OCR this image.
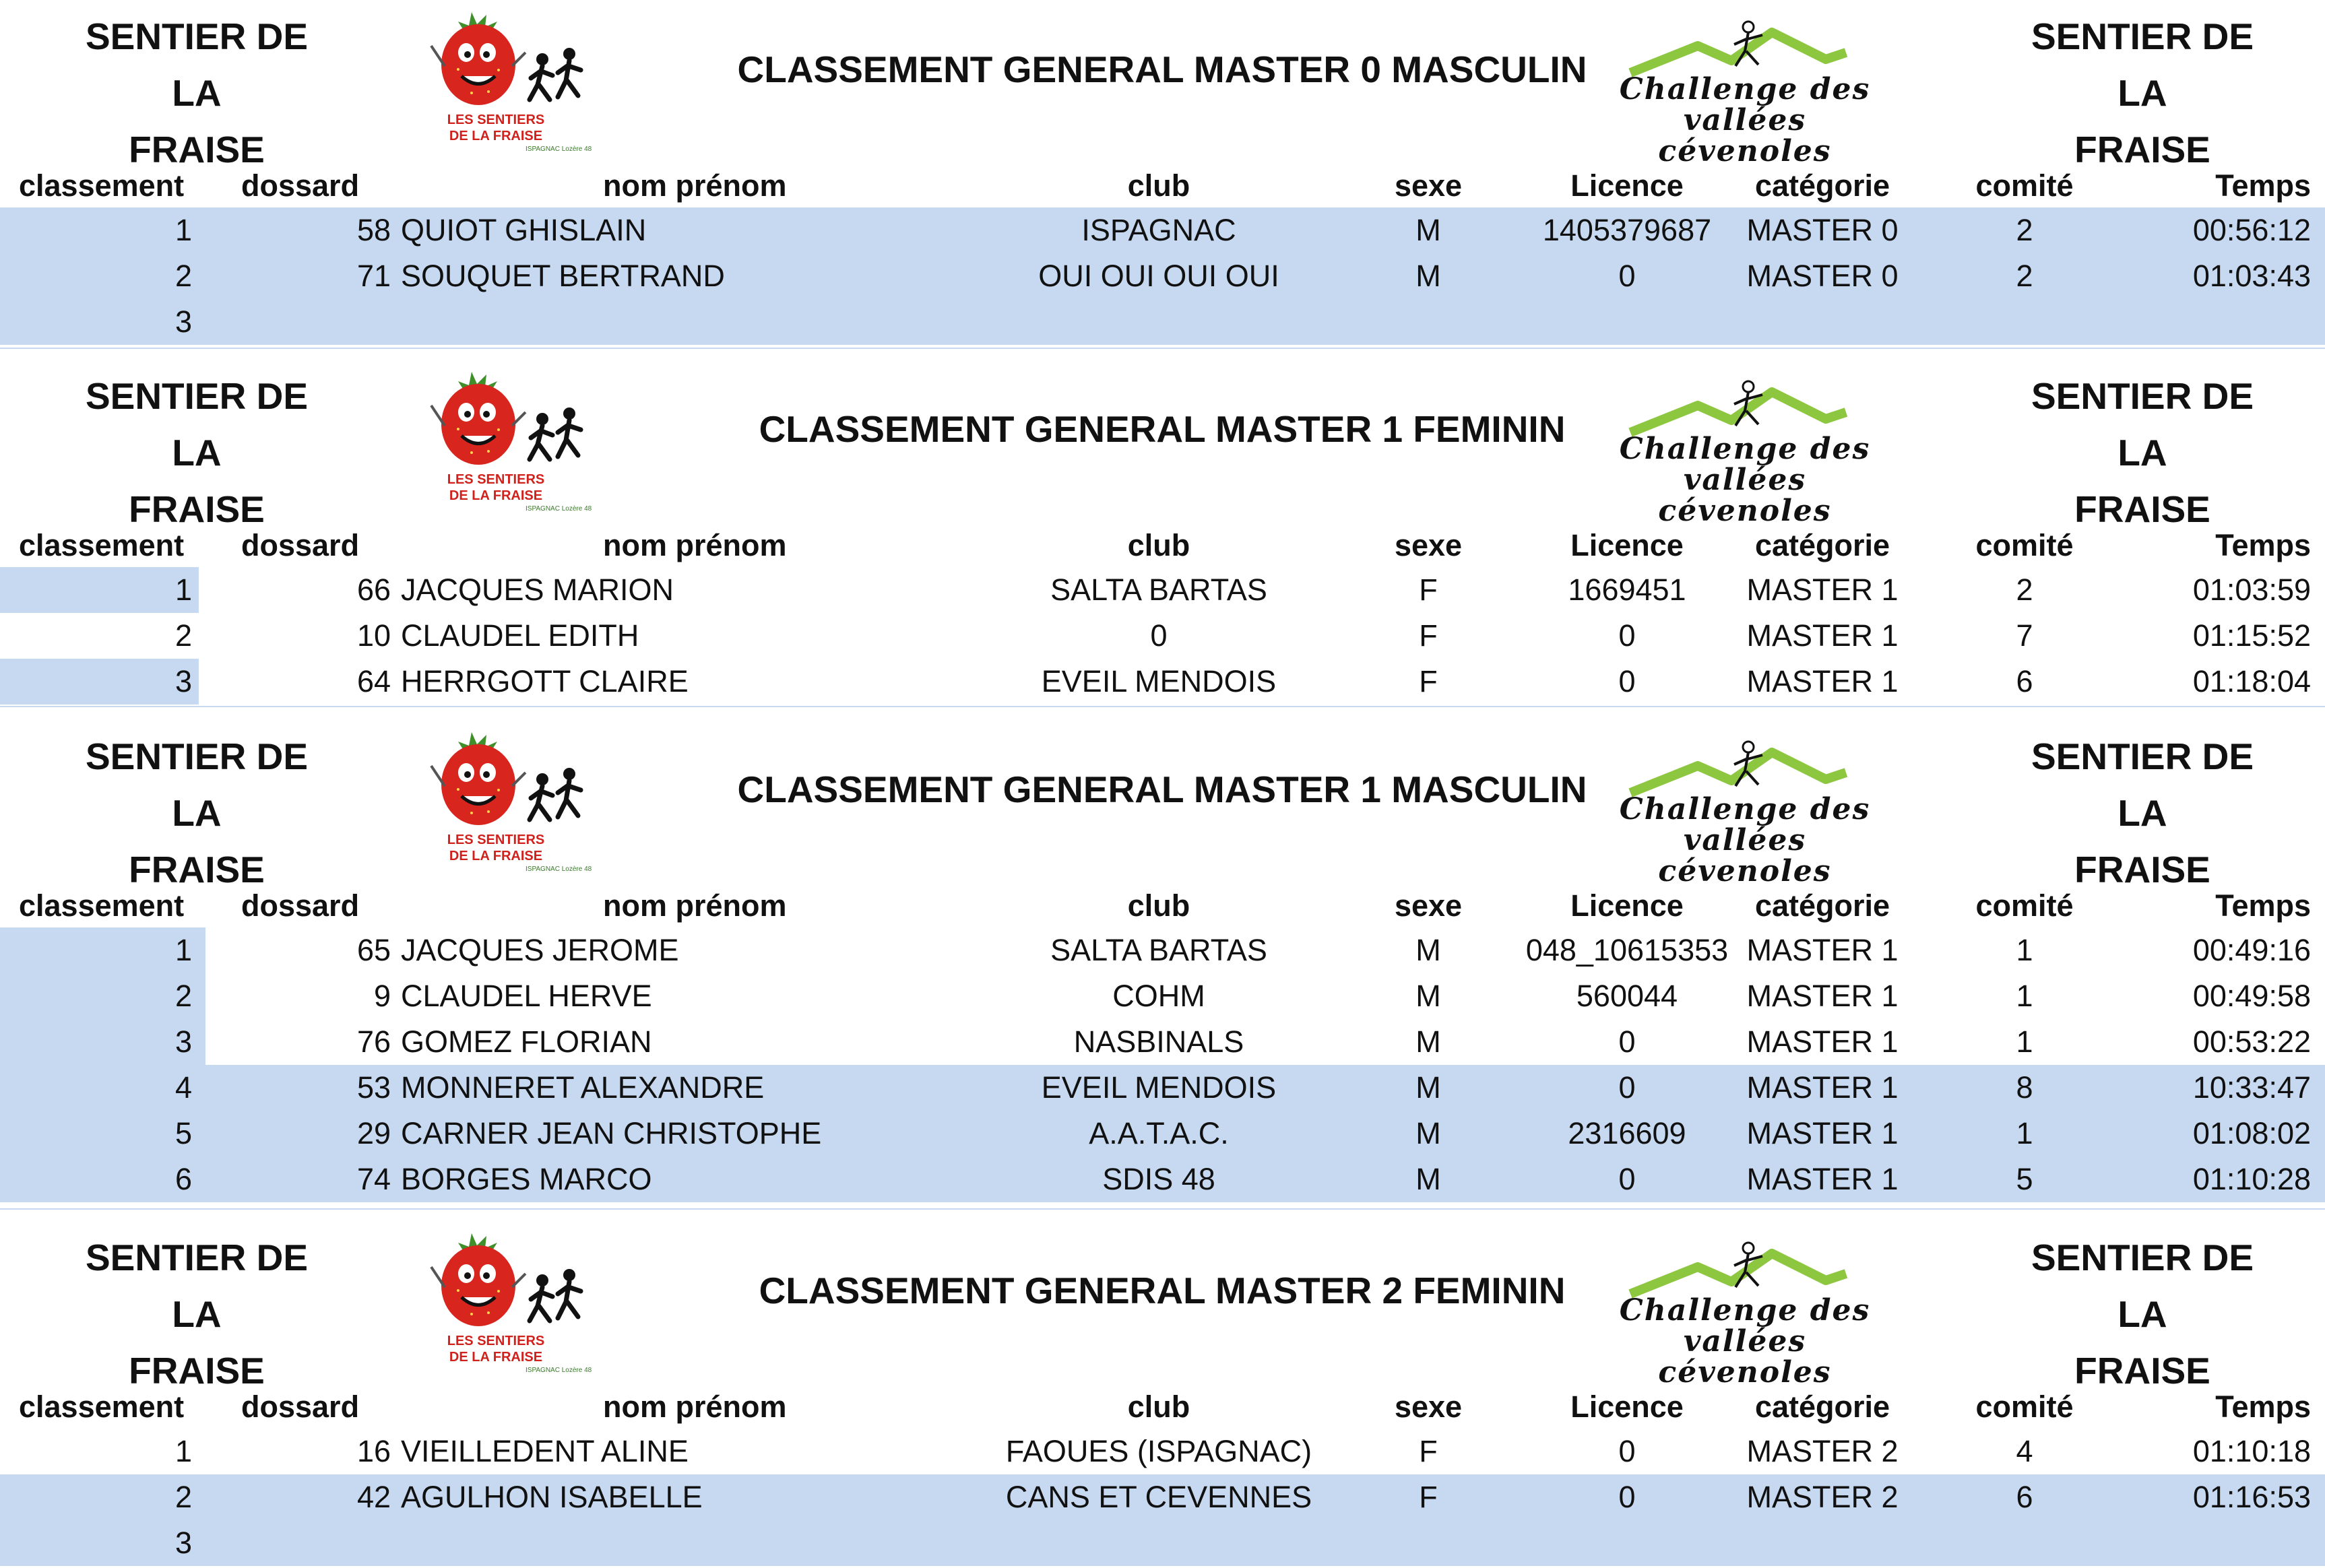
SENTIER DE LA
FRAISE
LES SENTIERS
DE LA FRAISE
ISPAGNAC Lozère 48
CLASSEMENT GENERAL MASTER 0 MASCULIN	Challenge des
vallées cévenoles
SENTIER DE LA
FRAISE
classement dossard	nom prénom	club	sexe	Licence	catégorie	comité	Temps
1	58 QUIOT GHISLAIN	ISPAGNAC	M	1405379687	MASTER 0	2	00:56:12
2	71 SOUQUET BERTRAND	OUI OUI OUI OUI	M	0	MASTER 0	2	01:03:43
3
SENTIER DE LA
FRAISE
LES SENTIERS
DE LA FRAISE
ISPAGNAC Lozère 48
CLASSEMENT GENERAL MASTER 1 FEMININ	Challenge des
vallées cévenoles
SENTIER DE LA
FRAISE
classement dossard	nom prénom	club	sexe	Licence	catégorie	comité	Temps
1	66 JACQUES MARION	SALTA BARTAS	F	1669451	MASTER 1	2	01:03:59
2	10 CLAUDEL EDITH	0	F	0	MASTER 1	7	01:15:52
3	64 HERRGOTT CLAIRE	EVEIL MENDOIS	F	0	MASTER 1	6	01:18:04
SENTIER DE LA
FRAISE
LES SENTIERS
DE LA FRAISE
ISPAGNAC Lozère 48
CLASSEMENT GENERAL MASTER 1 MASCULIN	Challenge des
vallées cévenoles
SENTIER DE LA
FRAISE
classement dossard	nom prénom	club	sexe	Licence	catégorie	comité	Temps
1	65 JACQUES JEROME	SALTA BARTAS	M	048_10615353 MASTER 1	1	00:49:16
2	9 CLAUDEL HERVE	COHM	M	560044	MASTER 1	1	00:49:58
3	76 GOMEZ FLORIAN	NASBINALS	M	0	MASTER 1	1	00:53:22
4	53 MONNERET ALEXANDRE	EVEIL MENDOIS	M	0	MASTER 1	8	10:33:47
5	29 CARNER JEAN CHRISTOPHE	A.A.T.A.C.	M	2316609	MASTER 1	1	01:08:02
6	74 BORGES MARCO	SDIS 48	M	0	MASTER 1	5	01:10:28
SENTIER DE LA
FRAISE
LES SENTIERS
DE LA FRAISE
ISPAGNAC Lozère 48
CLASSEMENT GENERAL MASTER 2 FEMININ	Challenge des
vallées cévenoles
SENTIER DE LA
FRAISE
classement dossard	nom prénom	club	sexe	Licence	catégorie	comité	Temps
1	16 VIEILLEDENT ALINE	FAOUES (ISPAGNAC)	F	0	MASTER 2	4	01:10:18
2	42 AGULHON ISABELLE	CANS ET CEVENNES	F	0	MASTER 2	6	01:16:53
3
